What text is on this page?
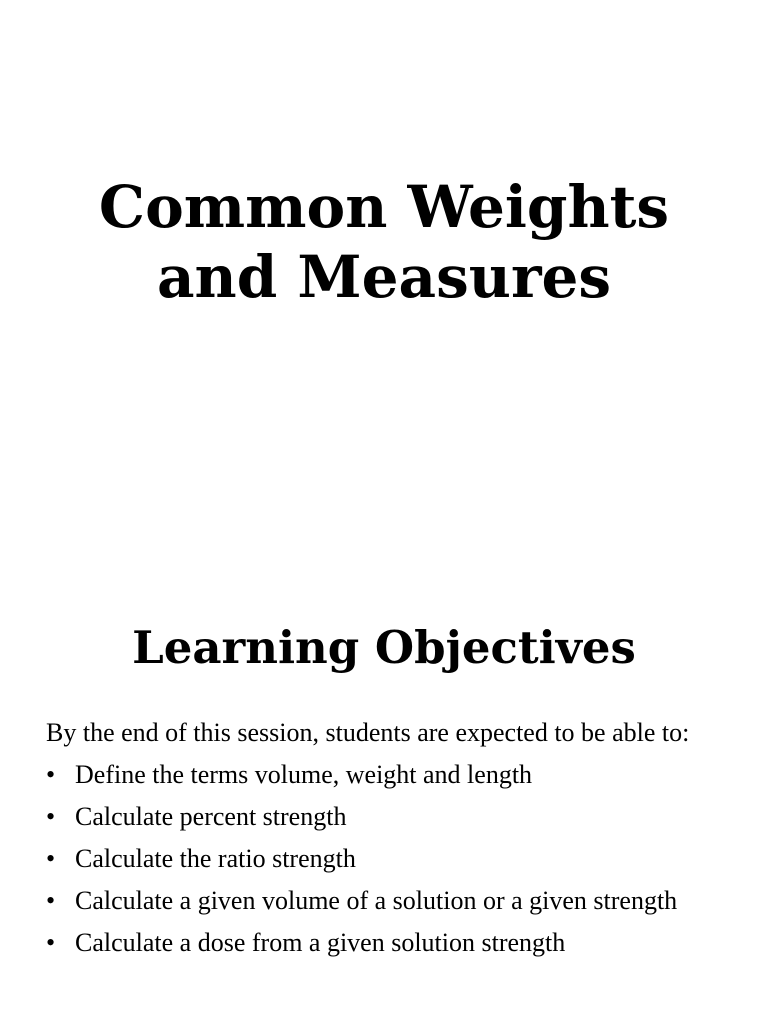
Common Weights
and Measures
Learning Objectives

By the end of this session, students are expected to be able to:

• Define the terms volume, weight and length
• Calculate percent strength
• Calculate the ratio strength
• Calculate a given volume of a solution or a given strength
• Calculate a dose from a given solution strength
